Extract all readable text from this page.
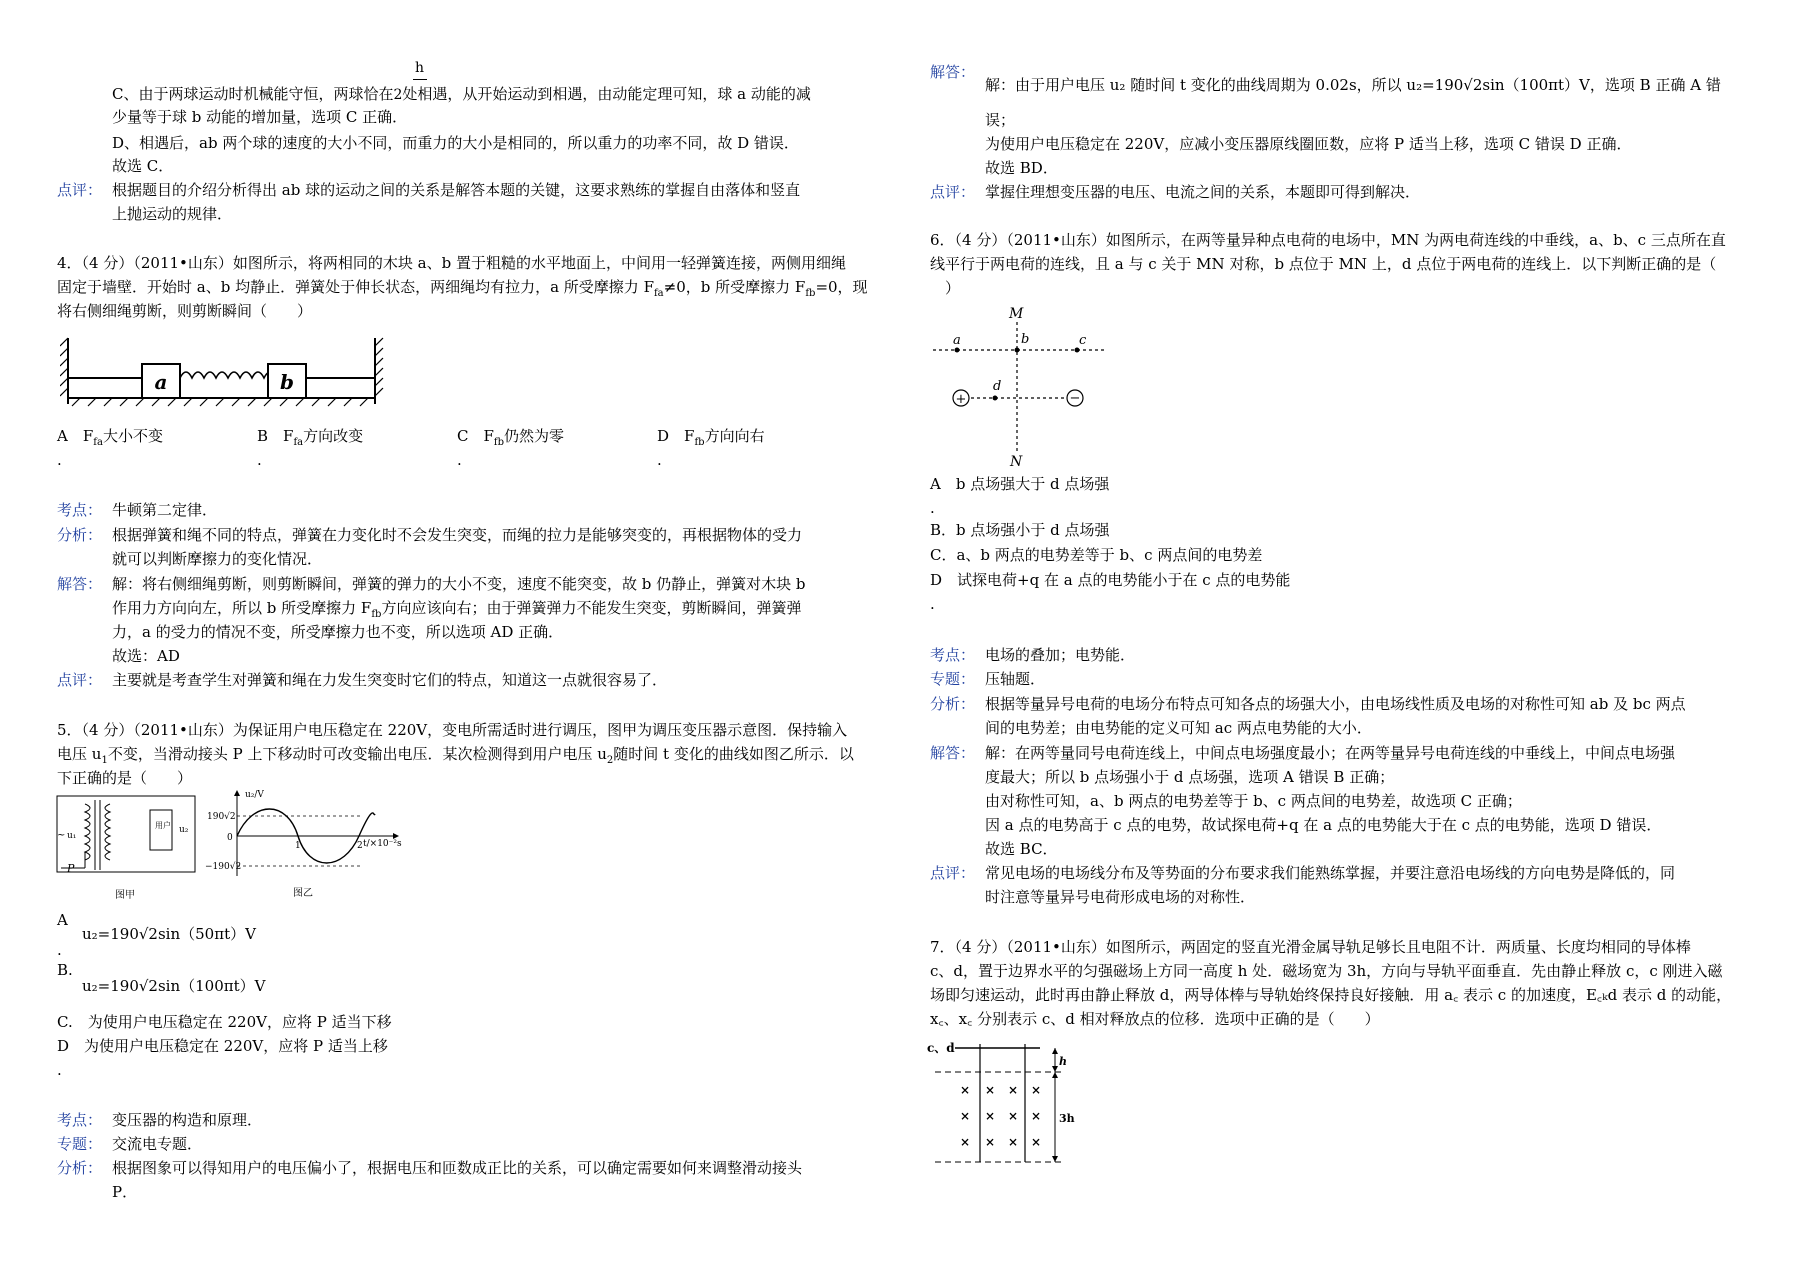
h
C、由于两球运动时机械能守恒，两球恰在2处相遇，从开始运动到相遇，由动能定理可知，球 a 动能的减
少量等于球 b 动能的增加量，选项 C 正确．
D、相遇后，ab 两个球的速度的大小不同，而重力的大小是相同的，所以重力的功率不同，故 D 错误．
故选 C．
点评： 根据题目的介绍分析得出 ab 球的运动之间的关系是解答本题的关键，这要求熟练的掌握自由落体和竖直
上抛运动的规律．
4．（4 分）（2011•山东）如图所示，将两相同的木块 a、b 置于粗糙的水平地面上，中间用一轻弹簧连接，两侧用细绳
固定于墙壁．开始时 a、b 均静止．弹簧处于伸长状态，两细绳均有拉力，a 所受摩擦力 $F_{fa}\ne 0$，b 所受摩擦力 $F_{fb}=0$，现
将右侧细绳剪断，则剪断瞬间（　　）
a	b
A　 $F_{fa}$大小不变
.
B　 $F_{fa}$方向改变
.
C　 $F_{fb}$仍然为零
.
D　 $F_{fb}$方向向右
.
考点： 牛顿第二定律．
分析： 根据弹簧和绳不同的特点，弹簧在力变化时不会发生突变，而绳的拉力是能够突变的，再根据物体的受力
就可以判断摩擦力的变化情况．
解答： 解：将右侧细绳剪断，则剪断瞬间，弹簧的弹力的大小不变，速度不能突变，故 b 仍静止，弹簧对木块 b
作用力方向向左，所以 b 所受摩擦力 $F_{fb}$方向应该向右；由于弹簧弹力不能发生突变，剪断瞬间，弹簧弹
力，a 的受力的情况不变，所受摩擦力也不变，所以选项 AD 正确．
故选：AD
点评： 主要就是考查学生对弹簧和绳在力发生突变时它们的特点，知道这一点就很容易了．
5．（4 分）（2011•山东）为保证用户电压稳定在 220V，变电所需适时进行调压，图甲为调压变压器示意图．保持输入
电压 $u_1$不变，当滑动接头 P 上下移动时可改变输出电压．某次检测得到用户电压 $u_2$随时间 t 变化的曲线如图乙所示．以
下正确的是（　　）
~ u₁
u₂
用户
P
图甲
u₂/V
190√2
0
−190√2
1	2 t/×10⁻²s
图乙
A
u₂=190√2sin（50πt）V
.
B.
u₂=190√2sin（100πt）V
C.　为使用户电压稳定在 220V，应将 P 适当下移
D　为使用户电压稳定在 220V，应将 P 适当上移
.
考点： 变压器的构造和原理．
专题： 交流电专题．
分析： 根据图象可以得知用户的电压偏小了，根据电压和匝数成正比的关系，可以确定需要如何来调整滑动接头
P．
解答：
解：由于用户电压 u₂ 随时间 t 变化的曲线周期为 0.02s，所以 u₂=190√2sin（100πt）V，选项 B 正确 A 错
误；
为使用户电压稳定在 220V，应减小变压器原线圈匝数，应将 P 适当上移，选项 C 错误 D 正确．
故选 BD．
点评： 掌握住理想变压器的电压、电流之间的关系，本题即可得到解决．
6．（4 分）（2011•山东）如图所示，在两等量异种点电荷的电场中，MN 为两电荷连线的中垂线，a、b、c 三点所在直
线平行于两电荷的连线，且 a 与 c 关于 MN 对称，b 点位于 MN 上，d 点位于两电荷的连线上．以下判断正确的是（
）
+	−
M
N
a	b	c
d
A　b 点场强大于 d 点场强
.
B．b 点场强小于 d 点场强
C．a、b 两点的电势差等于 b、c 两点间的电势差
D　试探电荷+q 在 a 点的电势能小于在 c 点的电势能
.
考点： 电场的叠加；电势能．
专题： 压轴题．
分析： 根据等量异号电荷的电场分布特点可知各点的场强大小，由电场线性质及电场的对称性可知 ab 及 bc 两点
间的电势差；由电势能的定义可知 ac 两点电势能的大小．
解答： 解：在两等量同号电荷连线上，中间点电场强度最小；在两等量异号电荷连线的中垂线上，中间点电场强
度最大；所以 b 点场强小于 d 点场强，选项 A 错误 B 正确；
由对称性可知，a、b 两点的电势差等于 b、c 两点间的电势差，故选项 C 正确；
因 a 点的电势高于 c 点的电势，故试探电荷+q 在 a 点的电势能大于在 c 点的电势能，选项 D 错误．
故选 BC．
点评： 常见电场的电场线分布及等势面的分布要求我们能熟练掌握，并要注意沿电场线的方向电势是降低的，同
时注意等量异号电荷形成电场的对称性．
7．（4 分）（2011•山东）如图所示，两固定的竖直光滑金属导轨足够长且电阻不计．两质量、长度均相同的导体棒
c、d，置于边界水平的匀强磁场上方同一高度 h 处．磁场宽为 3h，方向与导轨平面垂直．先由静止释放 c，c 刚进入磁
场即匀速运动，此时再由静止释放 d，两导体棒与导轨始终保持良好接触．用 a꜀ 表示 c 的加速度，E꜀ₖd 表示 d 的动能，
x꜀、x꜀ 分别表示 c、d 相对释放点的位移．选项中正确的是（　　）
c、d
× × × ×
× × × ×
× × × ×
h
3h
